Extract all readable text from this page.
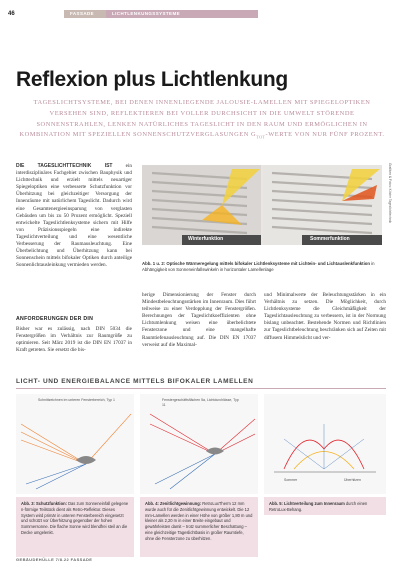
46	FASSADE	LICHTLENKUNGSSYSTEME
Reflexion plus Lichtlenkung
TAGESLICHTSYSTEME, BEI DENEN INNENLIEGENDE JALOUSIE-LAMELLEN MIT SPIEGELOPTIKEN VERSEHEN SIND, REFLEKTIEREN BEI VOLLER DURCHSICHT IN DIE UMWELT STÖRENDE SONNENSTRAHLEN, LENKEN NATÜRLICHES TAGESLICHT IN DEN RAUM UND ERMÖGLICHEN IN KOMBINATION MIT SPEZIELLEN SONNENSCHUTZVERGLASUNGEN $G_{TOT}$-WERTE VON NUR FÜNF PROZENT.
DIE TAGESLICHTTECHNIK IST ein interdisziplinäres Fachgebiet zwischen Bauphysik und Lichttechnik und erzielt mittels neuartiger Spiegeloptiken eine verbesserte Schutzfunktion vor Überhitzung bei gleichzeitiger Versorgung der Innenräume mit natürlichem Tageslicht. Dadurch wird eine Gesamtenergieeinsparung von verglasten Gebäuden um bis zu 50 Prozent ermöglicht. Speziell entwickelte Tageslichtlenksysteme sichern mit Hilfe von Präzisionsspiegeln eine indirekte Tageslichtverteilung und eine wesentliche Verbesserung der Raumausleuchtung. Eine Überbelichtung und Überhitzung kann bei Sonnenschein mittels bifokaler Optiken durch anteilige Sonnenlichtausleinkung vermieden werden.
ANFORDERUNGEN DER DIN
Bisher war es zulässig, nach DIN 5034 die Fenstergrößen im Verhältnis zur Raumgröße zu optimieren. Seit März 2019 ist die DIN EN 17037 in Kraft getreten. Sie ersetzt die bis-
Winterfunktion	Sommerfunktion
Grafiken & Fotos: Köster Tageslichttechnik
Abb. 1 u. 2: Optische Wärmeregelung mittels bifokaler Lichtlenksysteme mit Lichtein- und Lichtauslenkfunktion in Abhängigkeit von Sonneneinfallswinkeln in horizontaler Lamellenlage
herige Dimensionierung der Fenster durch Mindestbeleuchtungsstärken im Innenraum. Dies führt teilweise zu einer Verdopplung der Fenstergrößen. Berechnungen der Tageslichtkoeffizienten ohne Lichtumlenkung weisen eine überbelichtete Fensterzone und eine mangelhafte Raumtiefenausleuchtung auf. Die DIN EN 17037 verweist auf die Maximal-
und Minimalwerte der Beleuchtungsstärken in ein Verhältnis zu setzen. Die Möglichkeit, durch Lichtlenksysteme die Gleichmäßigkeit der Tageslichtausleuchtung zu verbessern, ist in der Normung bislang unbeachtet. Bestehende Normen und Richtlinien zur Tageslichtbeleuchtung beschränken sich auf Zeiten mit diffusem Himmelslicht und ver-
LICHT- UND ENERGIEBALANCE MITTELS BIFOKALER LAMELLEN
Schnittzeichnen im unteren Fensterbereich, Typ 1	Fenstergeschäftsflächen 5a, Lichtdurchlässe, Typ 11
Sommer	Überhitzen
Abb. 3: Schutzfunktion: Das zum Sonneneinfall gelegene n-förmige Teilstück dient als Retro-Reflektor. Dieses System wird primär in unteren Fensterbereich eingesetzt und schützt vor Überhitzung gegenüber der hohen Sommersonne. Die flache Sonne wird blendfrei steil an die Decke umgelenkt.
Abb. 4: Zenitlichtgewinnung: RetroLuxTherm 12 mm wurde auch für die Zenitlichtgewinnung entwickelt. Die 12 mm-Lamellen werden in einer Höhe von größer 1,80 m und kleiner als 2,20 m in einer Breite eingebaut und gewährleisten damit – trotz summerlicher Beschattung – eine gleichzeitige Tageslichtbasis in großer Raumtiefe, ohne die Fensterzone zu überhitzen.
Abb. 5: Lichtverteilung zum Innenraum durch einen RetroLux-Behang.
GEBÄUDEHÜLLE 7/8.22 FASSADE
